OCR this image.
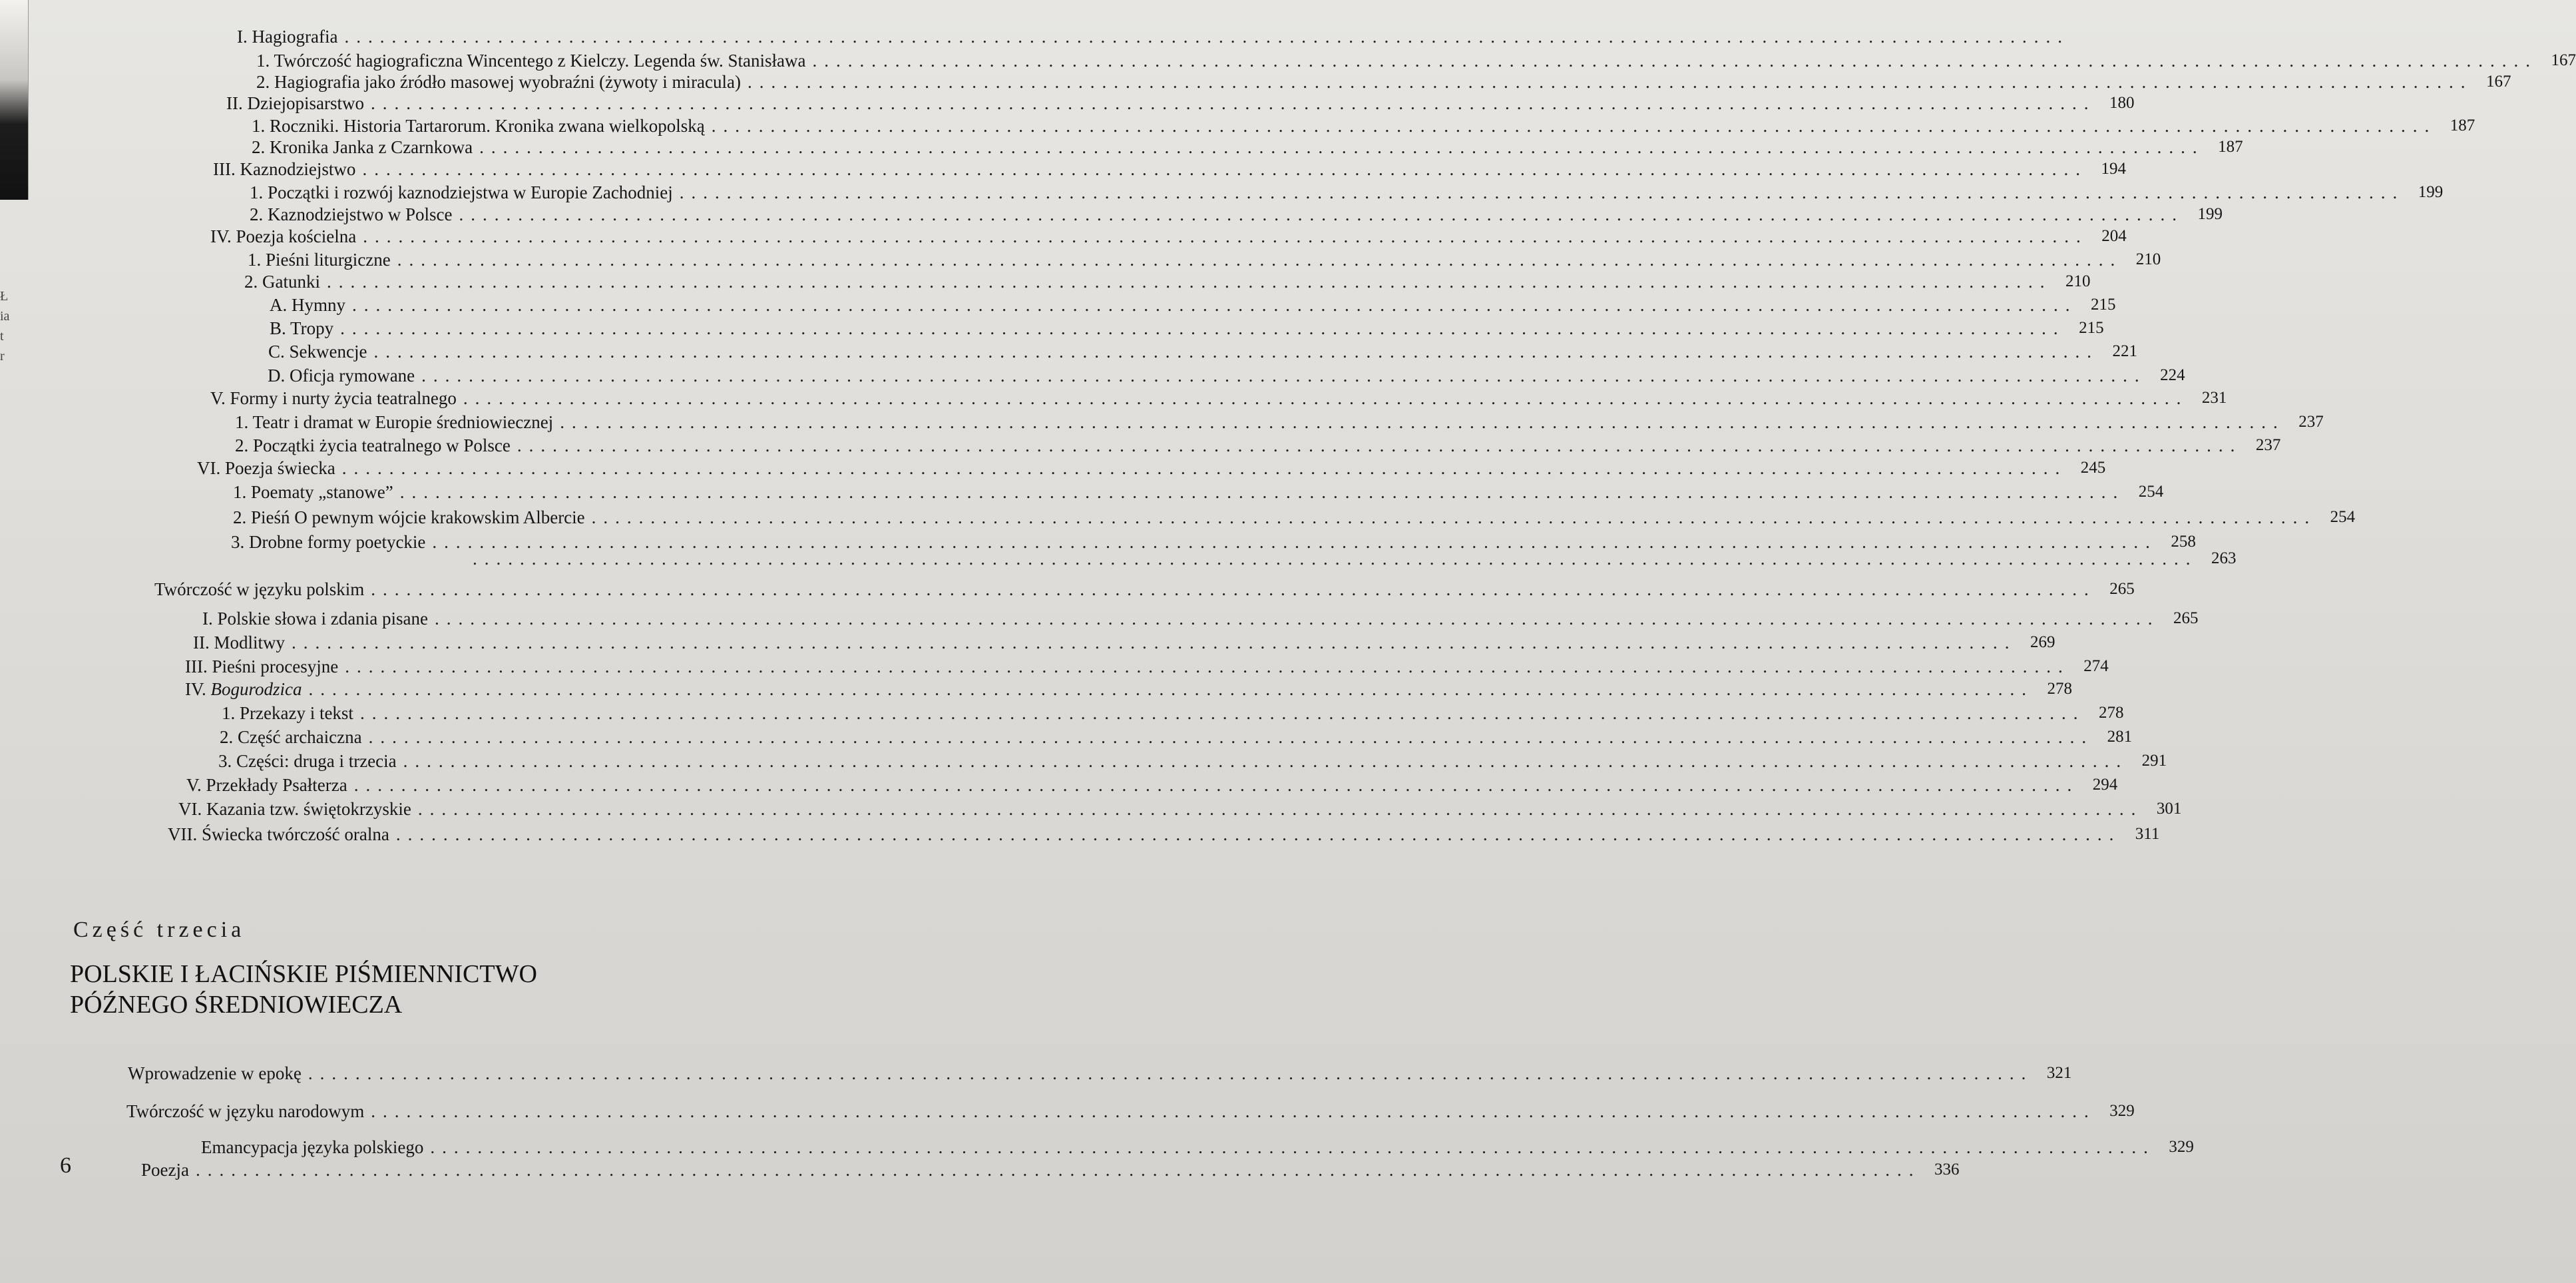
Ł
ia
t
r
I. Hagiografia ..................................................................................................................................................
1. Twórczość hagiograficzna Wincentego z Kielczy. Legenda św. Stanisława .................................................................................................................................................. 167
2. Hagiografia jako źródło masowej wyobraźni (żywoty i miracula) .................................................................................................................................................. 167
II. Dziejopisarstwo .................................................................................................................................................. 180
1. Roczniki. Historia Tartarorum. Kronika zwana wielkopolską .................................................................................................................................................. 187
2. Kronika Janka z Czarnkowa .................................................................................................................................................. 187
III. Kaznodziejstwo .................................................................................................................................................. 194
1. Początki i rozwój kaznodziejstwa w Europie Zachodniej .................................................................................................................................................. 199
2. Kaznodziejstwo w Polsce .................................................................................................................................................. 199
IV. Poezja kościelna .................................................................................................................................................. 204
1. Pieśni liturgiczne .................................................................................................................................................. 210
2. Gatunki .................................................................................................................................................. 210
A. Hymny .................................................................................................................................................. 215
B. Tropy .................................................................................................................................................. 215
C. Sekwencje .................................................................................................................................................. 221
D. Oficja rymowane .................................................................................................................................................. 224
V. Formy i nurty życia teatralnego .................................................................................................................................................. 231
1. Teatr i dramat w Europie średniowiecznej .................................................................................................................................................. 237
2. Początki życia teatralnego w Polsce .................................................................................................................................................. 237
VI. Poezja świecka .................................................................................................................................................. 245
1. Poematy „stanowe” .................................................................................................................................................. 254
2. Pieśń O pewnym wójcie krakowskim Albercie .................................................................................................................................................. 254
3. Drobne formy poetyckie .................................................................................................................................................. 258
.................................................................................................................................................. 263
Twórczość w języku polskim .................................................................................................................................................. 265
I. Polskie słowa i zdania pisane .................................................................................................................................................. 265
II. Modlitwy .................................................................................................................................................. 269
III. Pieśni procesyjne .................................................................................................................................................. 274
IV. Bogurodzica .................................................................................................................................................. 278
1. Przekazy i tekst .................................................................................................................................................. 278
2. Część archaiczna .................................................................................................................................................. 281
3. Części: druga i trzecia .................................................................................................................................................. 291
V. Przekłady Psałterza .................................................................................................................................................. 294
VI. Kazania tzw. świętokrzyskie .................................................................................................................................................. 301
VII. Świecka twórczość oralna .................................................................................................................................................. 311
Część trzecia
POLSKIE I ŁACIŃSKIE PIŚMIENNICTWO
PÓŹNEGO ŚREDNIOWIECZA
Wprowadzenie w epokę .................................................................................................................................................. 321
Twórczość w języku narodowym .................................................................................................................................................. 329
Emancypacja języka polskiego .................................................................................................................................................. 329
Poezja .................................................................................................................................................. 336
6
